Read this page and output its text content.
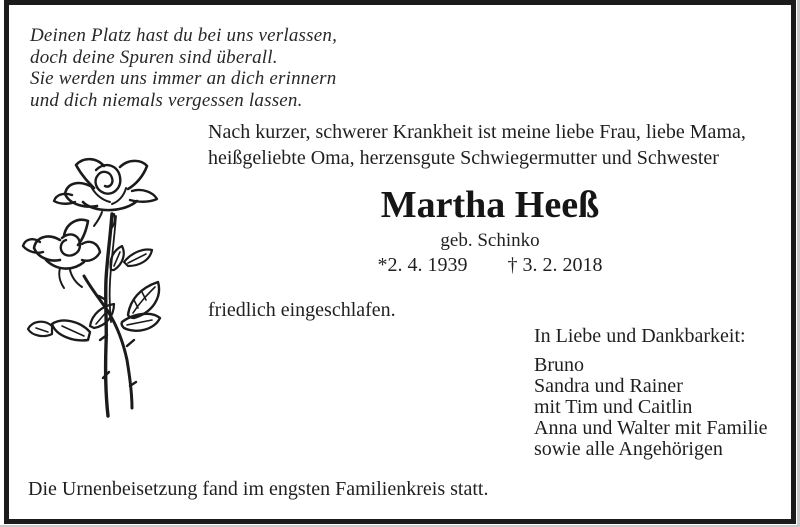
Deinen Platz hast du bei uns verlassen,
doch deine Spuren sind überall.
Sie werden uns immer an dich erinnern
und dich niemals vergessen lassen.
Nach kurzer, schwerer Krankheit ist meine liebe Frau, liebe Mama,
heißgeliebte Oma, herzensgute Schwiegermutter und Schwester
Martha Heeß
geb. Schinko
*2. 4. 1939 † 3. 2. 2018
friedlich eingeschlafen.
In Liebe und Dankbarkeit:
Bruno
Sandra und Rainer
mit Tim und Caitlin
Anna und Walter mit Familie
sowie alle Angehörigen
Die Urnenbeisetzung fand im engsten Familienkreis statt.
